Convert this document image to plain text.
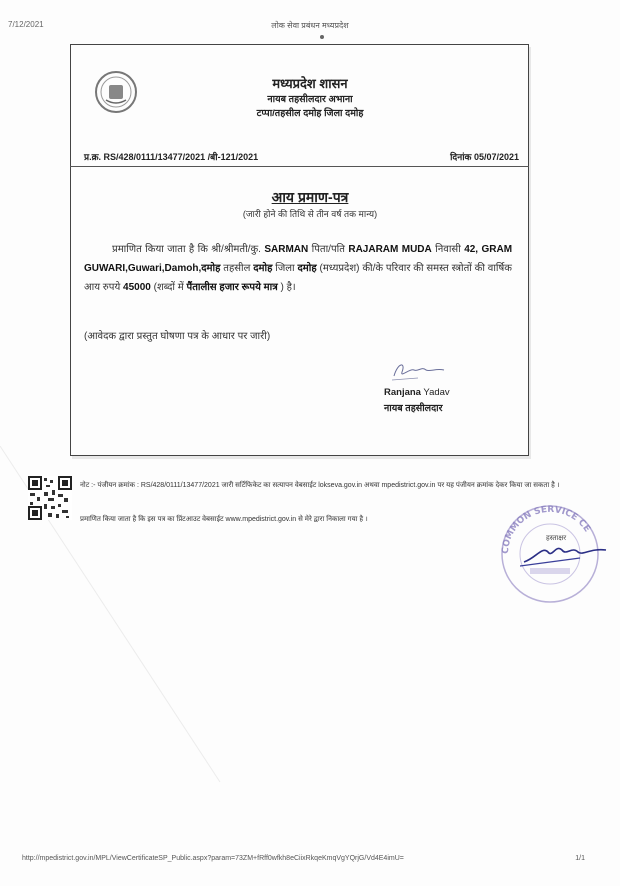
7/12/2021	लोक सेवा प्रबंधन मध्यप्रदेश
मध्यप्रदेश शासन
नायब तहसीलदार अभाना
टप्पा/तहसील दमोह जिला दमोह
प्र.क्र. RS/428/0111/13477/2021 /बी-121/2021	दिनांक 05/07/2021
आय प्रमाण-पत्र
(जारी होने की तिथि से तीन वर्ष तक मान्य)
प्रमाणित किया जाता है कि श्री/श्रीमती/कु. SARMAN पिता/पति RAJARAM MUDA निवासी 42, GRAM GUWARI,Guwari,Damoh,दमोह तहसील दमोह जिला दमोह (मध्यप्रदेश) की/के परिवार की समस्त स्त्रोतों की वार्षिक आय रुपये 45000 (शब्दों में पैंतालीस हजार रूपये मात्र ) है।
(आवेदक द्वारा प्रस्तुत घोषणा पत्र के आधार पर जारी)
Ranjana Yadav
नायब तहसीलदार
नोट :- पंजीयन क्रमांक : RS/428/0111/13477/2021 जारी सर्टिफिकेट का सत्यापन वेबसाईट lokseva.gov.in अथवा mpedistrict.gov.in पर यह पंजीयन क्रमांक देकर किया जा सकता है ।
प्रमाणित किया जाता है कि इस पत्र का प्रिंटआउट वेबसाईट www.mpedistrict.gov.in से मेरे द्वारा निकाला गया है ।
COMMON SERVICE CE
हस्ताक्षर
http://mpedistrict.gov.in/MPL/ViewCertificateSP_Public.aspx?param=73ZM+fRff0wfkh8eCiixRkqeKmqVgYQrjG/Vd4E4imU=	1/1
